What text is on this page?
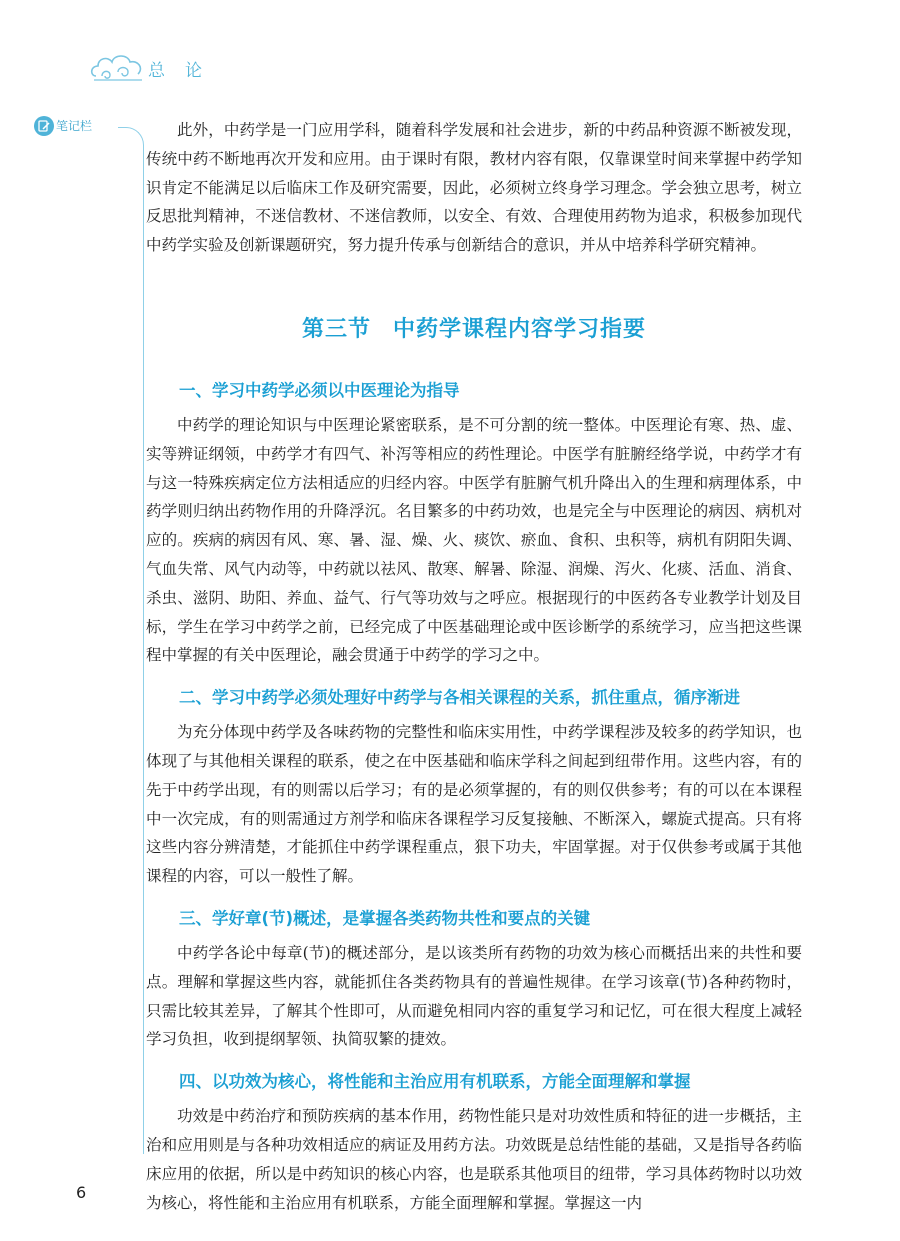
总论
笔记栏	此外，中药学是一门应用学科，随着科学发展和社会进步，新的中药品种资源不断被发现，传统中药不断地再次开发和应用。由于课时有限，教材内容有限，仅靠课堂时间来掌握中药学知识肯定不能满足以后临床工作及研究需要，因此，必须树立终身学习理念。学会独立思考，树立反思批判精神，不迷信教材、不迷信教师，以安全、有效、合理使用药物为追求，积极参加现代中药学实验及创新课题研究，努力提升传承与创新结合的意识，并从中培养科学研究精神。

第三节 中药学课程内容学习指要
一、学习中药学必须以中医理论为指导

中药学的理论知识与中医理论紧密联系，是不可分割的统一整体。中医理论有寒、热、虚、实等辨证纲领，中药学才有四气、补泻等相应的药性理论。中医学有脏腑经络学说，中药学才有与这一特殊疾病定位方法相适应的归经内容。中医学有脏腑气机升降出入的生理和病理体系，中药学则归纳出药物作用的升降浮沉。名目繁多的中药功效，也是完全与中医理论的病因、病机对应的。疾病的病因有风、寒、暑、湿、燥、火、痰饮、瘀血、食积、虫积等，病机有阴阳失调、气血失常、风气内动等，中药就以祛风、散寒、解暑、除湿、润燥、泻火、化痰、活血、消食、杀虫、滋阴、助阳、养血、益气、行气等功效与之呼应。根据现行的中医药各专业教学计划及目标，学生在学习中药学之前，已经完成了中医基础理论或中医诊断学的系统学习，应当把这些课程中掌握的有关中医理论，融会贯通于中药学的学习之中。

二、学习中药学必须处理好中药学与各相关课程的关系，抓住重点，循序渐进

为充分体现中药学及各味药物的完整性和临床实用性，中药学课程涉及较多的药学知识，也体现了与其他相关课程的联系，使之在中医基础和临床学科之间起到纽带作用。这些内容，有的先于中药学出现，有的则需以后学习；有的是必须掌握的，有的则仅供参考；有的可以在本课程中一次完成，有的则需通过方剂学和临床各课程学习反复接触、不断深入，螺旋式提高。只有将这些内容分辨清楚，才能抓住中药学课程重点，狠下功夫，牢固掌握。对于仅供参考或属于其他课程的内容，可以一般性了解。

三、学好章(节)概述，是掌握各类药物共性和要点的关键

中药学各论中每章(节)的概述部分，是以该类所有药物的功效为核心而概括出来的共性和要点。理解和掌握这些内容，就能抓住各类药物具有的普遍性规律。在学习该章(节)各种药物时，只需比较其差异，了解其个性即可，从而避免相同内容的重复学习和记忆，可在很大程度上减轻学习负担，收到提纲挈领、执简驭繁的捷效。

四、以功效为核心，将性能和主治应用有机联系，方能全面理解和掌握

功效是中药治疗和预防疾病的基本作用，药物性能只是对功效性质和特征的进一步概括，主治和应用则是与各种功效相适应的病证及用药方法。功效既是总结性能的基础，又是指导各药临床应用的依据，所以是中药知识的核心内容，也是联系其他项目的纽带，学习具体药物时以功效为核心，将性能和主治应用有机联系，方能全面理解和掌握。掌握这一内

6
